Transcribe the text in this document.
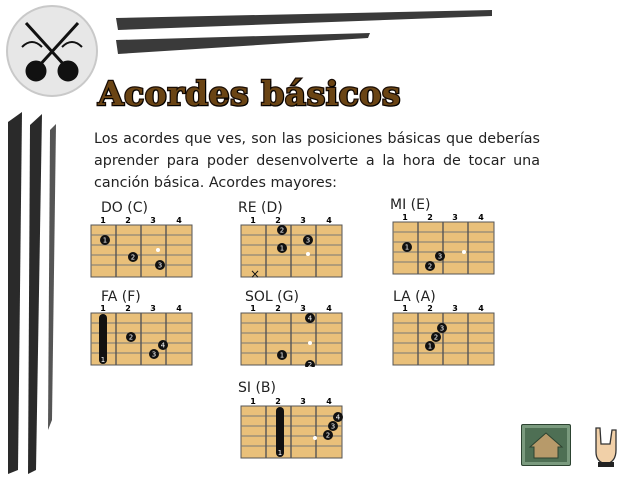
Acordes básicos

Los acordes que ves, son las posiciones básicas que deberías aprender para poder desenvolverte a la hora de tocar una canción básica. Acordes mayores:

DO (C)	RE (D)	MI (E)
FA (F)	SOL (G)	LA (A)
SI (B)
1 2 3	4
1
2
3
1 2 3	4
2
1
3
×
1 2 3	4
1
3
2
1 2 3	4
2
4
3
1
1 2 3	4
4
1
2
1 2 3	4
3
2
1
1 2 3	4
4
3
2
1
